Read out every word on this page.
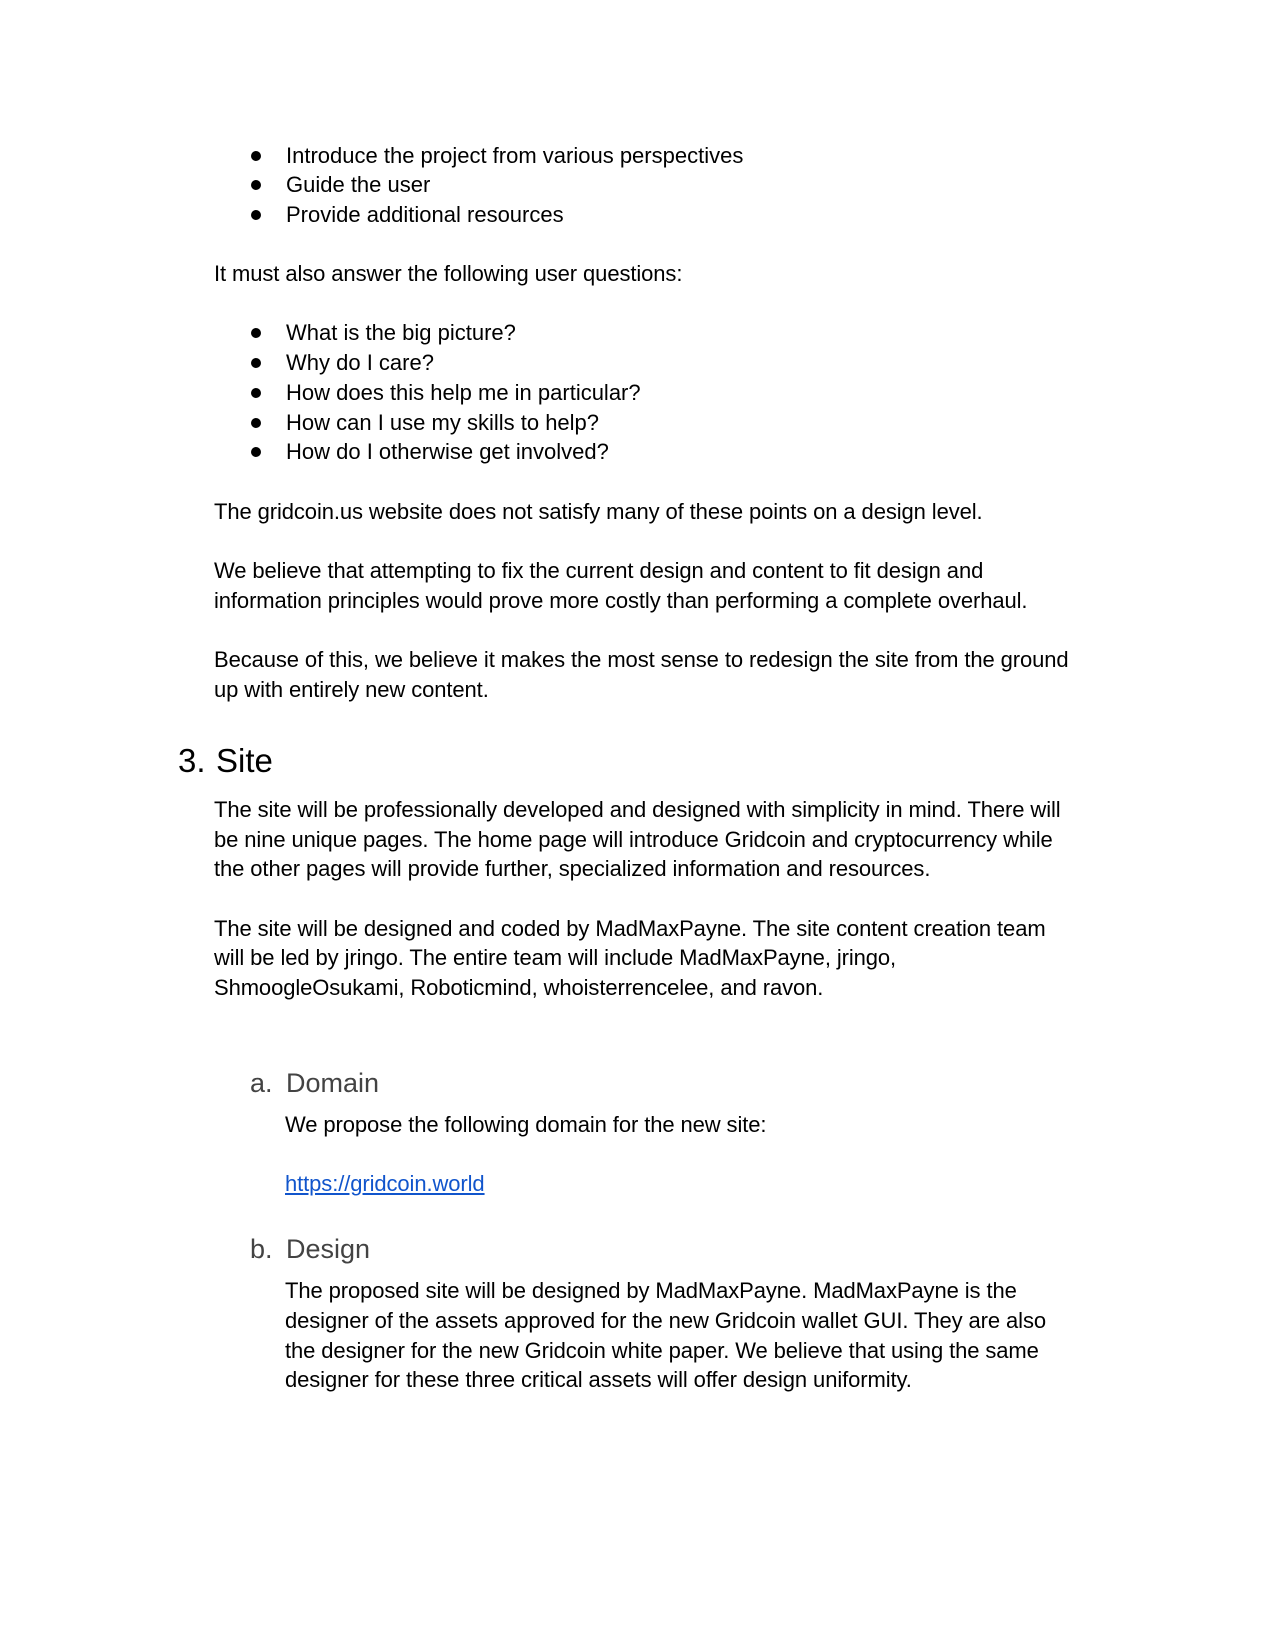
Introduce the project from various perspectives
Guide the user
Provide additional resources
It must also answer the following user questions:
What is the big picture?
Why do I care?
How does this help me in particular?
How can I use my skills to help?
How do I otherwise get involved?
The gridcoin.us website does not satisfy many of these points on a design level.
We believe that attempting to fix the current design and content to fit design and
information principles would prove more costly than performing a complete overhaul.
Because of this, we believe it makes the most sense to redesign the site from the ground
up with entirely new content.
3. Site
The site will be professionally developed and designed with simplicity in mind. There will
be nine unique pages. The home page will introduce Gridcoin and cryptocurrency while
the other pages will provide further, specialized information and resources.
The site will be designed and coded by MadMaxPayne. The site content creation team
will be led by jringo. The entire team will include MadMaxPayne, jringo,
ShmoogleOsukami, Roboticmind, whoisterrencelee, and ravon.
a. Domain
We propose the following domain for the new site:
https://gridcoin.world
b. Design
The proposed site will be designed by MadMaxPayne. MadMaxPayne is the
designer of the assets approved for the new Gridcoin wallet GUI. They are also
the designer for the new Gridcoin white paper. We believe that using the same
designer for these three critical assets will offer design uniformity.
